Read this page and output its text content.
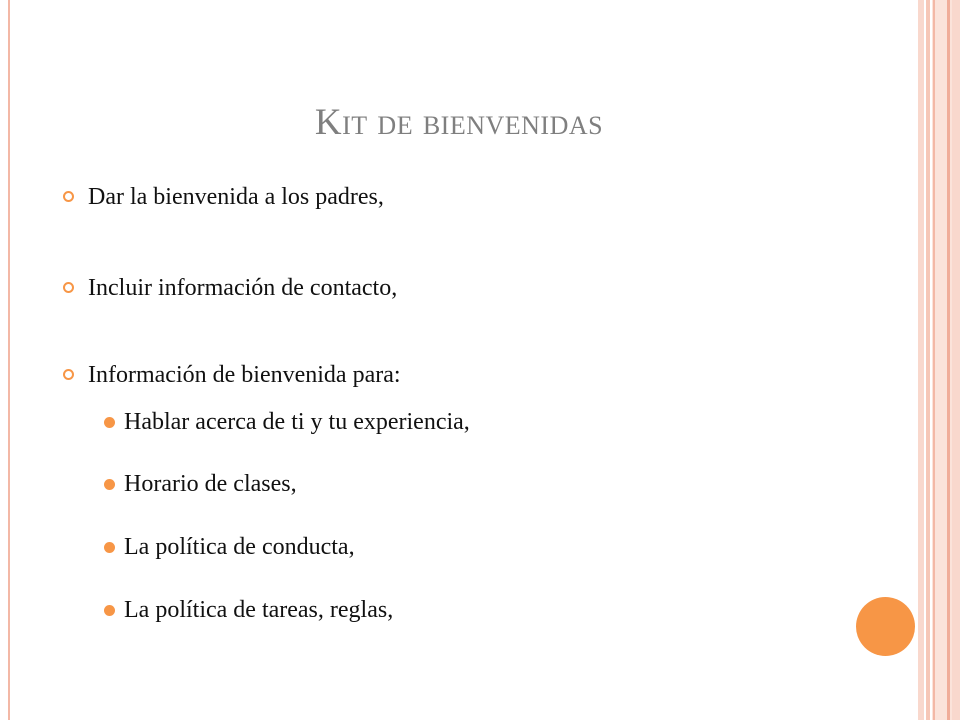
Kit de bienvenidas
Dar la bienvenida a los padres,
Incluir información de contacto,
Información de bienvenida para:
Hablar acerca de ti y tu experiencia,
Horario de clases,
La política de conducta,
La política de tareas, reglas,
